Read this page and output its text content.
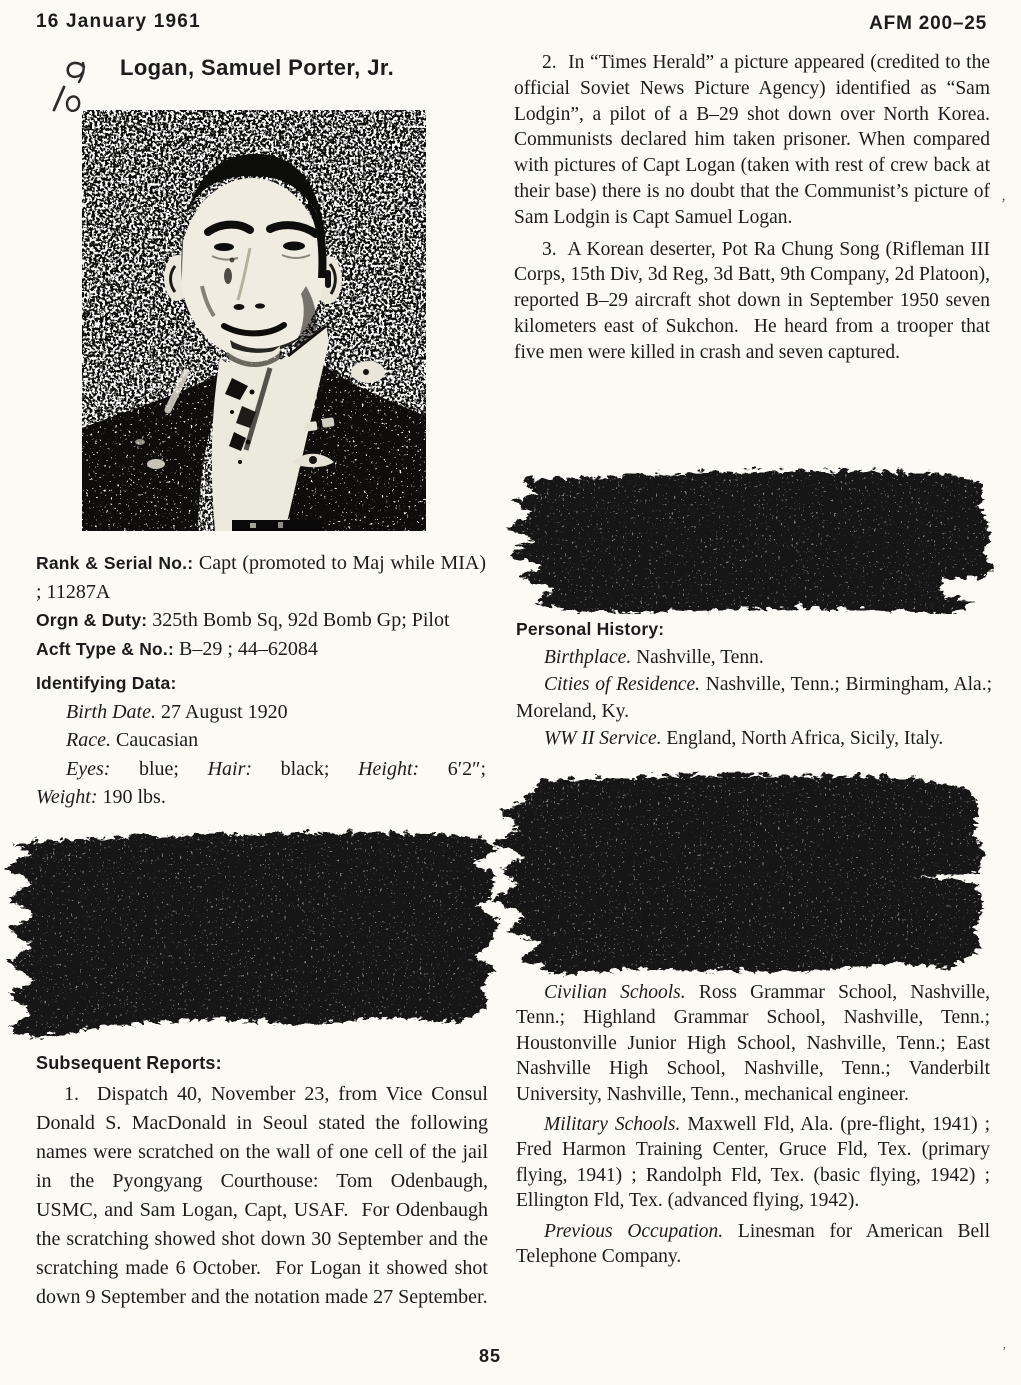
16 January 1961	AFM 200–25
Logan, Samuel Porter, Jr.

Rank & Serial No.: Capt (promoted to Maj while MIA) ; 11287A

Orgn & Duty: 325th Bomb Sq, 92d Bomb Gp; Pilot

Acft Type & No.: B–29 ; 44–62084

Identifying Data:

Birth Date. 27 August 1920

Race. Caucasian

Eyes: blue; Hair: black; Height: 6′2″;

Weight: 190 lbs.

2.  In “Times Herald” a picture appeared (credited to the official Soviet News Picture Agency) identified as “Sam Lodgin”, a pilot of a B–29 shot down over North Korea. Communists declared him taken prisoner. When compared with pictures of Capt Logan (taken with rest of crew back at their base) there is no doubt that the Communist’s picture of Sam Lodgin is Capt Samuel Logan.

3.  A Korean deserter, Pot Ra Chung Song (Rifleman III Corps, 15th Div, 3d Reg, 3d Batt, 9th Company, 2d Platoon), reported B–29 aircraft shot down in September 1950 seven kilometers east of Sukchon.  He heard from a trooper that five men were killed in crash and seven captured.

Personal History:

Birthplace. Nashville, Tenn.

Cities of Residence. Nashville, Tenn.; Birmingham, Ala.; Moreland, Ky.

WW II Service. England, North Africa, Sicily, Italy.

Subsequent Reports:

1.  Dispatch 40, November 23, from Vice Consul Donald S. MacDonald in Seoul stated the following names were scratched on the wall of one cell of the jail in the Pyongyang Courthouse: Tom Odenbaugh, USMC, and Sam Logan, Capt, USAF.  For Odenbaugh the scratching showed shot down 30 September and the scratching made 6 October.  For Logan it showed shot down 9 September and the notation made 27 September.

Civilian Schools. Ross Grammar School, Nashville, Tenn.; Highland Grammar School, Nashville, Tenn.; Houstonville Junior High School, Nashville, Tenn.; East Nashville High School, Nashville, Tenn.; Vanderbilt University, Nashville, Tenn., mechanical engineer.

Military Schools. Maxwell Fld, Ala. (pre-flight, 1941) ; Fred Harmon Training Center, Gruce Fld, Tex. (primary flying, 1941) ; Randolph Fld, Tex. (basic flying, 1942) ; Ellington Fld, Tex. (advanced flying, 1942).

Previous Occupation. Linesman for American Bell Telephone Company.

85
’
,
